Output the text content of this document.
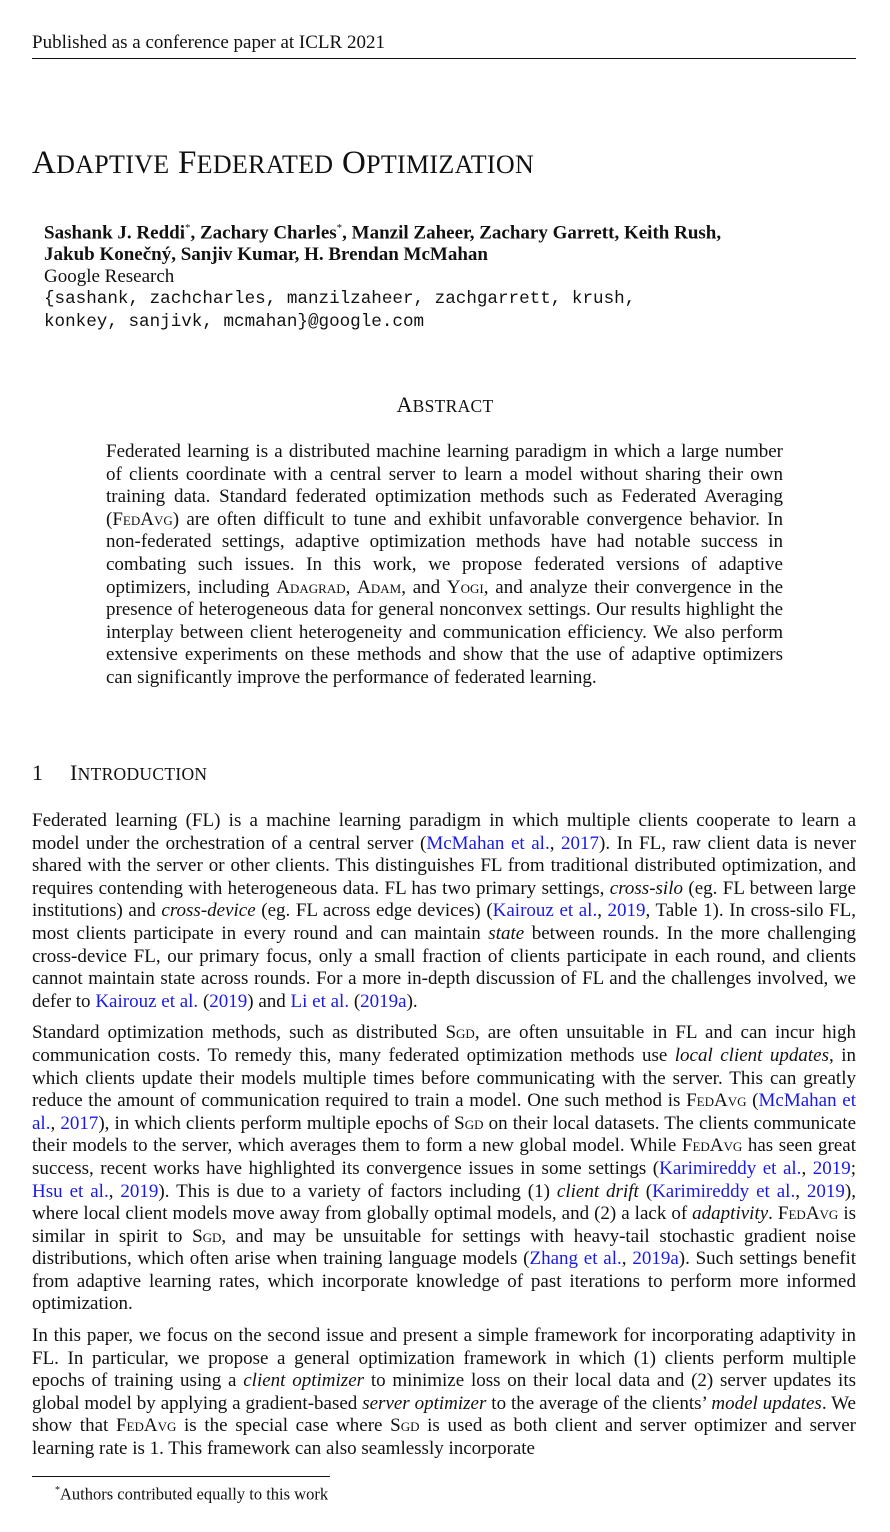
Published as a conference paper at ICLR 2021
ADAPTIVE FEDERATED OPTIMIZATION
Sashank J. Reddi*, Zachary Charles*, Manzil Zaheer, Zachary Garrett, Keith Rush,
Jakub Konečný, Sanjiv Kumar, H. Brendan McMahan
Google Research
{sashank, zachcharles, manzilzaheer, zachgarrett, krush,
konkey, sanjivk, mcmahan}@google.com
ABSTRACT
Federated learning is a distributed machine learning paradigm in which a large number of clients coordinate with a central server to learn a model without sharing their own training data. Standard federated optimization methods such as Federated Averaging (FedAvg) are often difficult to tune and exhibit unfavorable convergence behavior. In non-federated settings, adaptive optimization methods have had notable success in combating such issues. In this work, we propose federated versions of adaptive optimizers, including Adagrad, Adam, and Yogi, and analyze their convergence in the presence of heterogeneous data for general nonconvex settings. Our results highlight the interplay between client heterogeneity and communication efficiency. We also perform extensive experiments on these methods and show that the use of adaptive optimizers can significantly improve the performance of federated learning.
1 INTRODUCTION

Federated learning (FL) is a machine learning paradigm in which multiple clients cooperate to learn a model under the orchestration of a central server (McMahan et al., 2017). In FL, raw client data is never shared with the server or other clients. This distinguishes FL from traditional distributed optimization, and requires contending with heterogeneous data. FL has two primary settings, cross-silo (eg. FL between large institutions) and cross-device (eg. FL across edge devices) (Kairouz et al., 2019, Table 1). In cross-silo FL, most clients participate in every round and can maintain state between rounds. In the more challenging cross-device FL, our primary focus, only a small fraction of clients participate in each round, and clients cannot maintain state across rounds. For a more in-depth discussion of FL and the challenges involved, we defer to Kairouz et al. (2019) and Li et al. (2019a).

Standard optimization methods, such as distributed Sgd, are often unsuitable in FL and can incur high communication costs. To remedy this, many federated optimization methods use local client updates, in which clients update their models multiple times before communicating with the server. This can greatly reduce the amount of communication required to train a model. One such method is FedAvg (McMahan et al., 2017), in which clients perform multiple epochs of Sgd on their local datasets. The clients communicate their models to the server, which averages them to form a new global model. While FedAvg has seen great success, recent works have highlighted its convergence issues in some settings (Karimireddy et al., 2019; Hsu et al., 2019). This is due to a variety of factors including (1) client drift (Karimireddy et al., 2019), where local client models move away from globally optimal models, and (2) a lack of adaptivity. FedAvg is similar in spirit to Sgd, and may be unsuitable for settings with heavy-tail stochastic gradient noise distributions, which often arise when training language models (Zhang et al., 2019a). Such settings benefit from adaptive learning rates, which incorporate knowledge of past iterations to perform more informed optimization.

In this paper, we focus on the second issue and present a simple framework for incorporating adaptivity in FL. In particular, we propose a general optimization framework in which (1) clients perform multiple epochs of training using a client optimizer to minimize loss on their local data and (2) server updates its global model by applying a gradient-based server optimizer to the average of the clients’ model updates. We show that FedAvg is the special case where Sgd is used as both client and server optimizer and server learning rate is 1. This framework can also seamlessly incorporate

*Authors contributed equally to this work
